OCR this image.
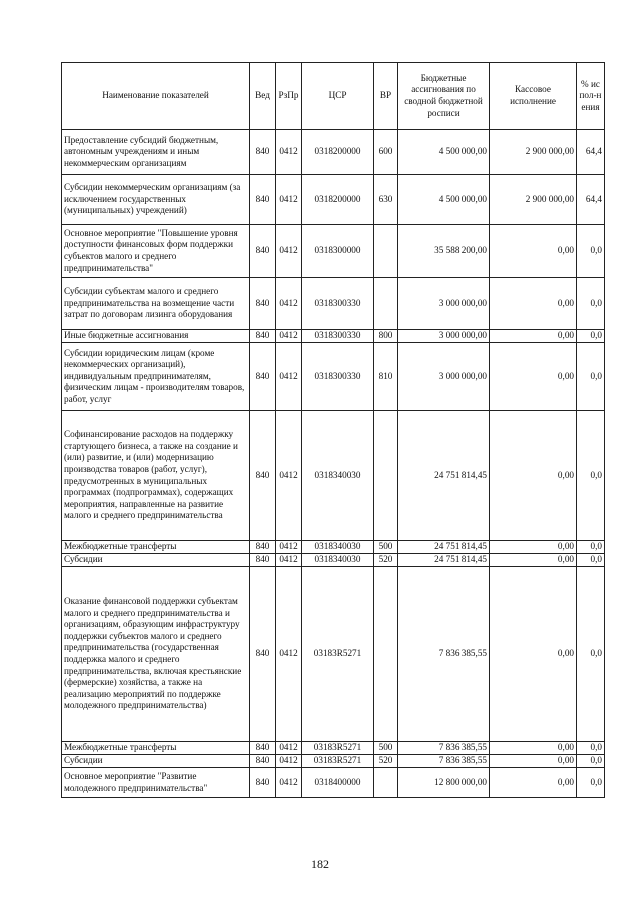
Наименование показателей	Вед	РзПр	ЦСР	ВР	Бюджетные ассигнования по сводной бюджетной росписи	Кассовое исполнение	% испол-нения
Предоставление субсидий бюджетным, автономным учреждениям и иным некоммерческим организациям	840	0412	0318200000	600	4 500 000,00	2 900 000,00	64,4
Субсидии некоммерческим организациям (за исключением государственных (муниципальных) учреждений)	840	0412	0318200000	630	4 500 000,00	2 900 000,00	64,4
Основное мероприятие "Повышение уровня доступности финансовых форм поддержки субъектов малого и среднего предпринимательства"	840	0412	0318300000		35 588 200,00	0,00	0,0
Субсидии субъектам малого и среднего предпринимательства на возмещение части затрат по договорам лизинга оборудования	840	0412	0318300330		3 000 000,00	0,00	0,0
Иные бюджетные ассигнования	840	0412	0318300330	800	3 000 000,00	0,00	0,0
Субсидии юридическим лицам (кроме некоммерческих организаций), индивидуальным предпринимателям, физическим лицам - производителям товаров, работ, услуг	840	0412	0318300330	810	3 000 000,00	0,00	0,0
Софинансирование расходов на поддержку стартующего бизнеса, а также на создание и (или) развитие, и (или) модернизацию производства товаров (работ, услуг), предусмотренных в муниципальных программах (подпрограммах), содержащих мероприятия, направленные на развитие малого и среднего предпринимательства	840	0412	0318340030		24 751 814,45	0,00	0,0
Межбюджетные трансферты	840	0412	0318340030	500	24 751 814,45	0,00	0,0
Субсидии	840	0412	0318340030	520	24 751 814,45	0,00	0,0
Оказание финансовой поддержки субъектам малого и среднего предпринимательства и организациям, образующим инфраструктуру поддержки субъектов малого и среднего предпринимательства (государственная поддержка малого и среднего предпринимательства, включая крестьянские (фермерские) хозяйства, а также на реализацию мероприятий по поддержке молодежного предпринимательства)	840	0412	03183R5271		7 836 385,55	0,00	0,0
Межбюджетные трансферты	840	0412	03183R5271	500	7 836 385,55	0,00	0,0
Субсидии	840	0412	03183R5271	520	7 836 385,55	0,00	0,0
Основное мероприятие "Развитие молодежного предпринимательства"	840	0412	0318400000		12 800 000,00	0,00	0,0
182
